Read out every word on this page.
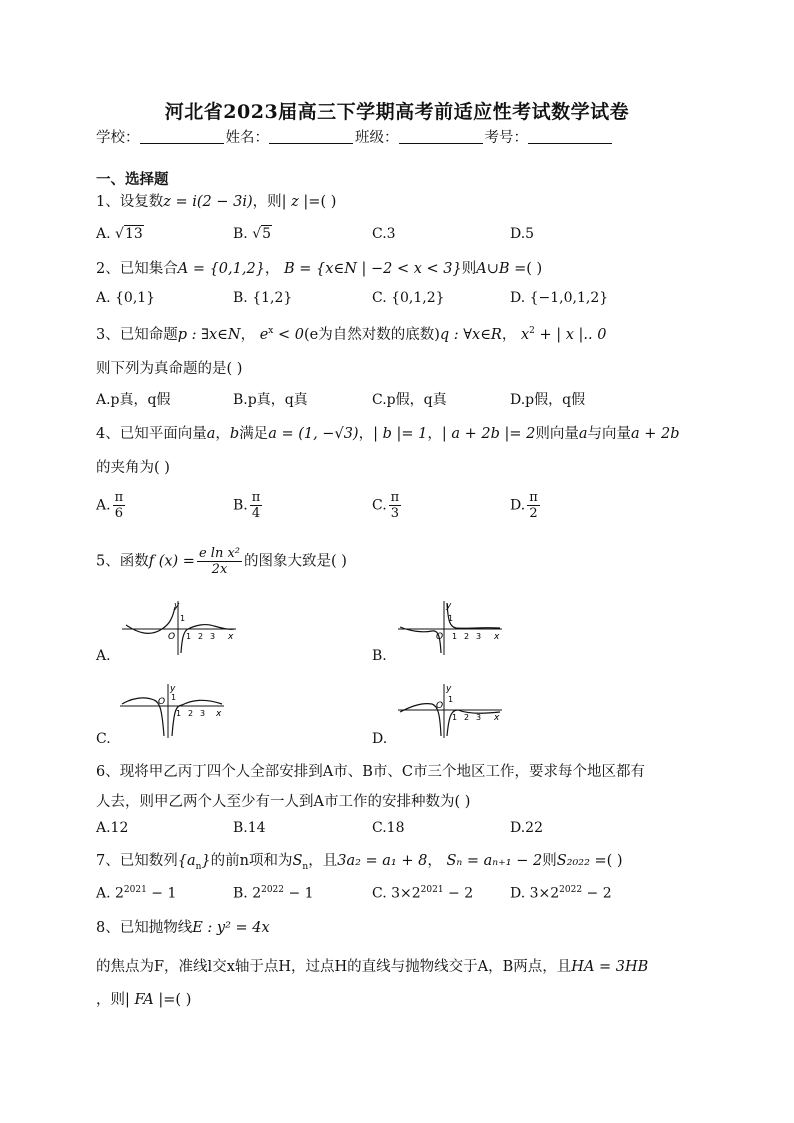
河北省2023届高三下学期高考前适应性考试数学试卷
学校：	姓名：	班级：	考号：
一、选择题
1、设复数z = i(2 − 3i)，则| z |=( )
A. √13	B. √5	C.3	D.5
2、已知集合A = {0,1,2}， B = {x∈N | −2 < x < 3}则A∪B =( )
A. {0,1}	B. {1,2}	C. {0,1,2}	D. {−1,0,1,2}
3、已知命题p : ∃x∈N， $e^x < 0(e$为自然对数的底数)q : ∀x∈R， $x^2$ + | x |.. 0
则下列为真命题的是( )
A.p真，q假	B.p真，q真	C.p假，q真	D.p假，q假
4、已知平面向量a，b满足a = (1, −√3)，| b |= 1，| a + 2b |= 2则向量a与向量a + 2b
的夹角为( )
A. $\frac{\pi}{6}$	B. $\frac{\pi}{4}$	C. $\frac{\pi}{3}$	D. $\frac{\pi}{2}$
5、函数f $(x) = \frac{\text{e ln x²}}{2x}$ 的图象大致是( )
y
1
O 1 2 3 x
A.
y
1
O 1 2 3 x
B.
y
1
O
1 2 3 x
C.
y
1
O
1 2 3 x
D.
6、现将甲乙丙丁四个人全部安排到A市、B市、C市三个地区工作，要求每个地区都有
人去，则甲乙两个人至少有一人到A市工作的安排种数为( )
A.12	B.14	C.18	D.22
7、已知数列$\{a_n\}$的前n项和为$S_n$，且3a₂ = a₁ + 8， Sₙ = aₙ₊₁ − 2则S₂₀₂₂ =( )
A. $2^{2021} - 1$	B. $2^{2022} - 1$	C. $3\times 2^{2021} - 2$	D. $3\times 2^{2022} - 2$
8、已知抛物线E : y² = 4x
的焦点为F，准线l交x轴于点H，过点H的直线与抛物线交于A，B两点，且HA = 3HB
，则| FA |=( )
